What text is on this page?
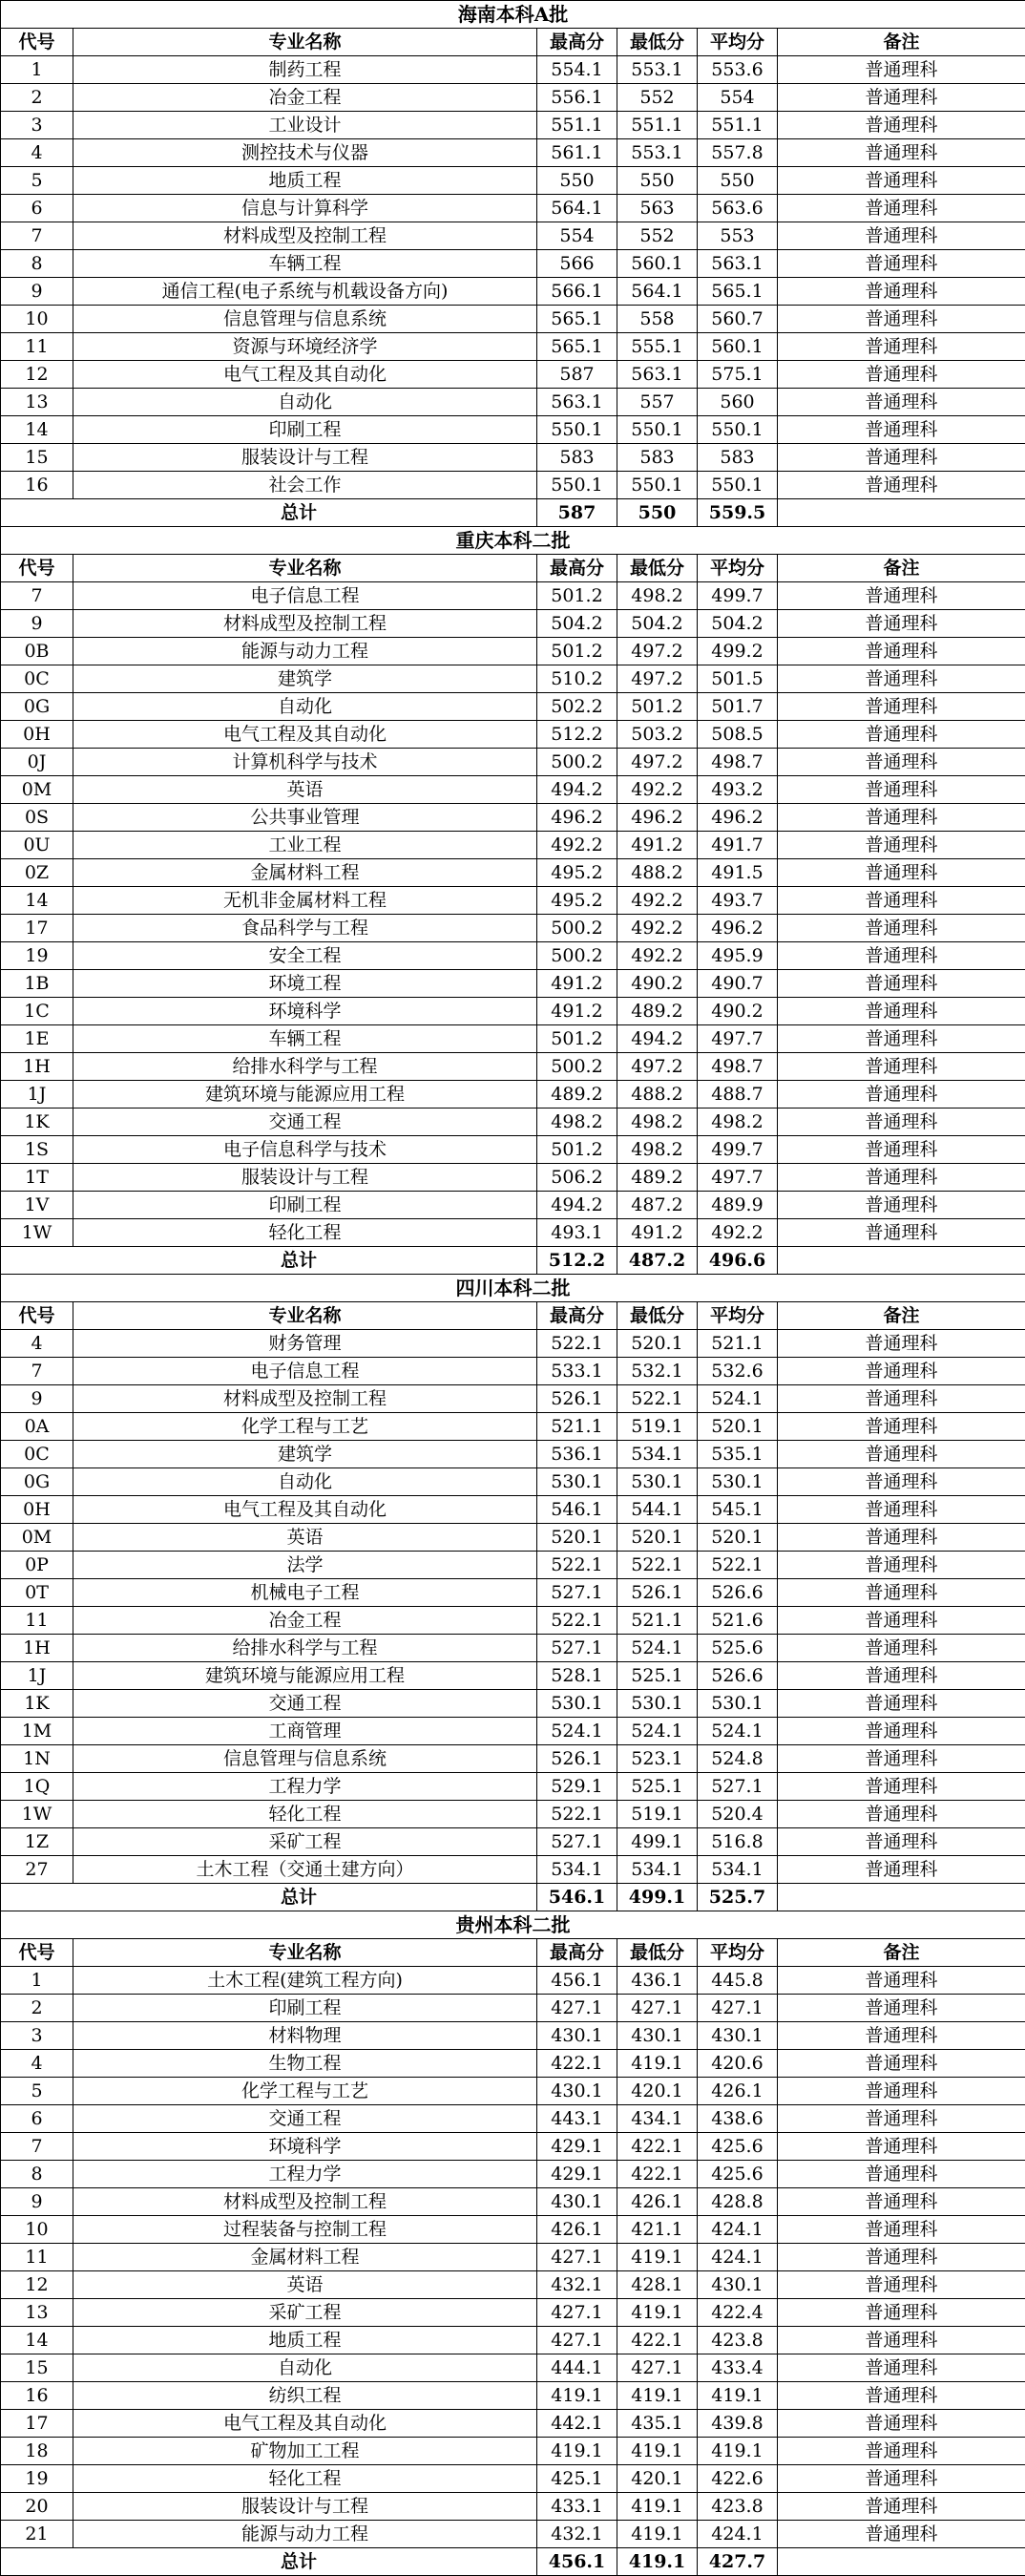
海南本科A批					
代号	专业名称	最高分	最低分	平均分	备注
1	制药工程	554.1	553.1	553.6	普通理科
2	冶金工程	556.1	552	554	普通理科
3	工业设计	551.1	551.1	551.1	普通理科
4	测控技术与仪器	561.1	553.1	557.8	普通理科
5	地质工程	550	550	550	普通理科
6	信息与计算科学	564.1	563	563.6	普通理科
7	材料成型及控制工程	554	552	553	普通理科
8	车辆工程	566	560.1	563.1	普通理科
9	通信工程(电子系统与机载设备方向)	566.1	564.1	565.1	普通理科
10	信息管理与信息系统	565.1	558	560.7	普通理科
11	资源与环境经济学	565.1	555.1	560.1	普通理科
12	电气工程及其自动化	587	563.1	575.1	普通理科
13	自动化	563.1	557	560	普通理科
14	印刷工程	550.1	550.1	550.1	普通理科
15	服装设计与工程	583	583	583	普通理科
16	社会工作	550.1	550.1	550.1	普通理科
总计		587	550	559.5	
重庆本科二批					
代号	专业名称	最高分	最低分	平均分	备注
7	电子信息工程	501.2	498.2	499.7	普通理科
9	材料成型及控制工程	504.2	504.2	504.2	普通理科
0B	能源与动力工程	501.2	497.2	499.2	普通理科
0C	建筑学	510.2	497.2	501.5	普通理科
0G	自动化	502.2	501.2	501.7	普通理科
0H	电气工程及其自动化	512.2	503.2	508.5	普通理科
0J	计算机科学与技术	500.2	497.2	498.7	普通理科
0M	英语	494.2	492.2	493.2	普通理科
0S	公共事业管理	496.2	496.2	496.2	普通理科
0U	工业工程	492.2	491.2	491.7	普通理科
0Z	金属材料工程	495.2	488.2	491.5	普通理科
14	无机非金属材料工程	495.2	492.2	493.7	普通理科
17	食品科学与工程	500.2	492.2	496.2	普通理科
19	安全工程	500.2	492.2	495.9	普通理科
1B	环境工程	491.2	490.2	490.7	普通理科
1C	环境科学	491.2	489.2	490.2	普通理科
1E	车辆工程	501.2	494.2	497.7	普通理科
1H	给排水科学与工程	500.2	497.2	498.7	普通理科
1J	建筑环境与能源应用工程	489.2	488.2	488.7	普通理科
1K	交通工程	498.2	498.2	498.2	普通理科
1S	电子信息科学与技术	501.2	498.2	499.7	普通理科
1T	服装设计与工程	506.2	489.2	497.7	普通理科
1V	印刷工程	494.2	487.2	489.9	普通理科
1W	轻化工程	493.1	491.2	492.2	普通理科
总计		512.2	487.2	496.6	
四川本科二批					
代号	专业名称	最高分	最低分	平均分	备注
4	财务管理	522.1	520.1	521.1	普通理科
7	电子信息工程	533.1	532.1	532.6	普通理科
9	材料成型及控制工程	526.1	522.1	524.1	普通理科
0A	化学工程与工艺	521.1	519.1	520.1	普通理科
0C	建筑学	536.1	534.1	535.1	普通理科
0G	自动化	530.1	530.1	530.1	普通理科
0H	电气工程及其自动化	546.1	544.1	545.1	普通理科
0M	英语	520.1	520.1	520.1	普通理科
0P	法学	522.1	522.1	522.1	普通理科
0T	机械电子工程	527.1	526.1	526.6	普通理科
11	冶金工程	522.1	521.1	521.6	普通理科
1H	给排水科学与工程	527.1	524.1	525.6	普通理科
1J	建筑环境与能源应用工程	528.1	525.1	526.6	普通理科
1K	交通工程	530.1	530.1	530.1	普通理科
1M	工商管理	524.1	524.1	524.1	普通理科
1N	信息管理与信息系统	526.1	523.1	524.8	普通理科
1Q	工程力学	529.1	525.1	527.1	普通理科
1W	轻化工程	522.1	519.1	520.4	普通理科
1Z	采矿工程	527.1	499.1	516.8	普通理科
27	土木工程（交通土建方向）	534.1	534.1	534.1	普通理科
总计		546.1	499.1	525.7	
贵州本科二批					
代号	专业名称	最高分	最低分	平均分	备注
1	土木工程(建筑工程方向)	456.1	436.1	445.8	普通理科
2	印刷工程	427.1	427.1	427.1	普通理科
3	材料物理	430.1	430.1	430.1	普通理科
4	生物工程	422.1	419.1	420.6	普通理科
5	化学工程与工艺	430.1	420.1	426.1	普通理科
6	交通工程	443.1	434.1	438.6	普通理科
7	环境科学	429.1	422.1	425.6	普通理科
8	工程力学	429.1	422.1	425.6	普通理科
9	材料成型及控制工程	430.1	426.1	428.8	普通理科
10	过程装备与控制工程	426.1	421.1	424.1	普通理科
11	金属材料工程	427.1	419.1	424.1	普通理科
12	英语	432.1	428.1	430.1	普通理科
13	采矿工程	427.1	419.1	422.4	普通理科
14	地质工程	427.1	422.1	423.8	普通理科
15	自动化	444.1	427.1	433.4	普通理科
16	纺织工程	419.1	419.1	419.1	普通理科
17	电气工程及其自动化	442.1	435.1	439.8	普通理科
18	矿物加工工程	419.1	419.1	419.1	普通理科
19	轻化工程	425.1	420.1	422.6	普通理科
20	服装设计与工程	433.1	419.1	423.8	普通理科
21	能源与动力工程	432.1	419.1	424.1	普通理科
总计		456.1	419.1	427.7	
